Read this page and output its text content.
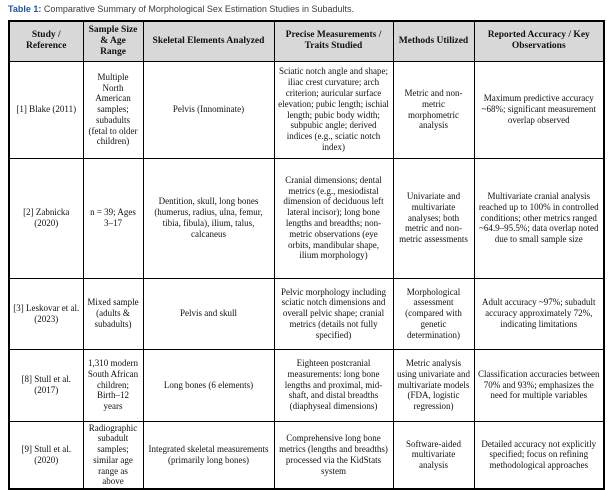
Table 1: Comparative Summary of Morphological Sex Estimation Studies in Subadults.
Study / Reference	Sample Size & Age Range	Skeletal Elements Analyzed	Precise Measurements / Traits Studied	Methods Utilized	Reported Accuracy / Key Observations
[1] Blake (2011)	Multiple North American samples; subadults (fetal to older children)	Pelvis (Innominate)	Sciatic notch angle and shape; iliac crest curvature; arch criterion; auricular surface elevation; pubic length; ischial length; pubic body width; subpubic angle; derived indices (e.g., sciatic notch index)	Metric and non-metric morphometric analysis	Maximum predictive accuracy ~68%; significant measurement overlap observed
[2] Zabnicka (2020)	n = 39; Ages 3–17	Dentition, skull, long bones (humerus, radius, ulna, femur, tibia, fibula), ilium, talus, calcaneus	Cranial dimensions; dental metrics (e.g., mesiodistal dimension of deciduous left lateral incisor); long bone lengths and breadths; non-metric observations (eye orbits, mandibular shape, ilium morphology)	Univariate and multivariate analyses; both metric and non-metric assessments	Multivariate cranial analysis reached up to 100% in controlled conditions; other metrics ranged ~64.9–95.5%; data overlap noted due to small sample size
[3] Leskovar et al. (2023)	Mixed sample (adults & subadults)	Pelvis and skull	Pelvic morphology including sciatic notch dimensions and overall pelvic shape; cranial metrics (details not fully specified)	Morphological assessment (compared with genetic determination)	Adult accuracy ~97%; subadult accuracy approximately 72%, indicating limitations
[8] Stull et al. (2017)	1,310 modern South African children; Birth–12 years	Long bones (6 elements)	Eighteen postcranial measurements: long bone lengths and proximal, mid-shaft, and distal breadths (diaphyseal dimensions)	Metric analysis using univariate and multivariate models (FDA, logistic regression)	Classification accuracies between 70% and 93%; emphasizes the need for multiple variables
[9] Stull et al. (2020)	Radiographic subadult samples; similar age range as above	Integrated skeletal measurements (primarily long bones)	Comprehensive long bone metrics (lengths and breadths) processed via the KidStats system	Software-aided multivariate analysis	Detailed accuracy not explicitly specified; focus on refining methodological approaches
